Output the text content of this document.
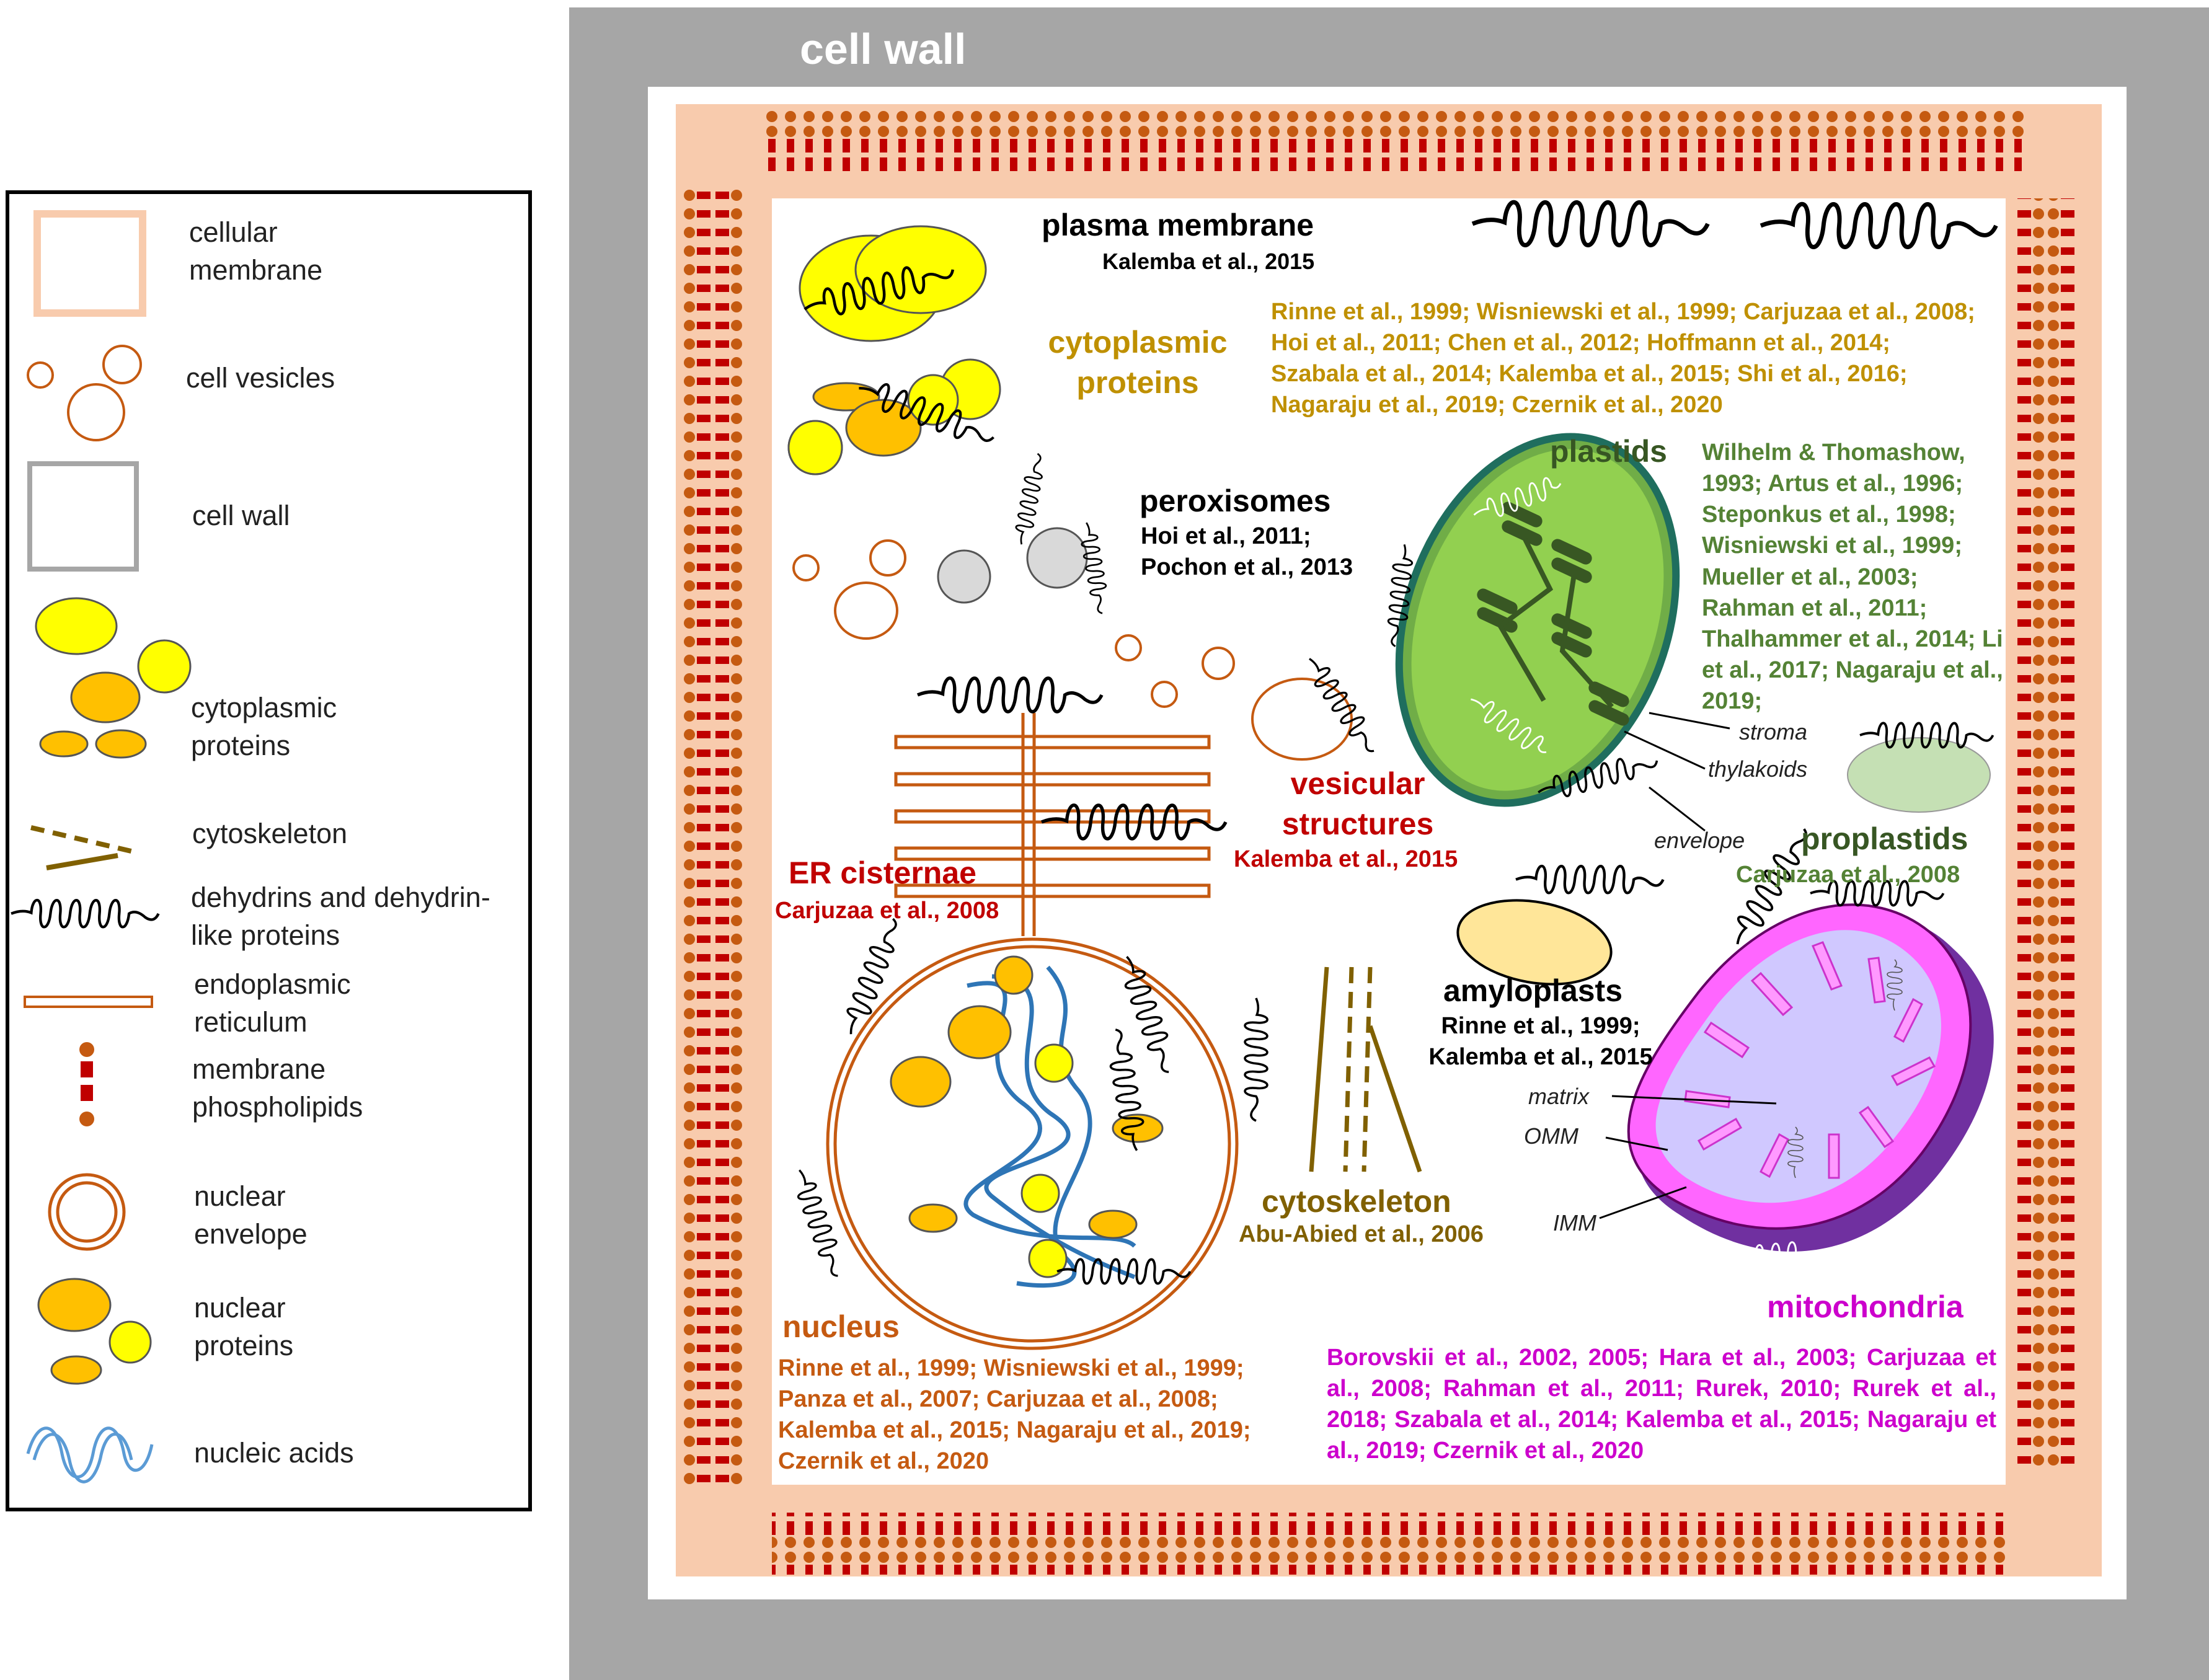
cell wall
cellular membrane
cell vesicles
cell wall
cytoplasmic proteins
cytoskeleton
dehydrins and dehydrin-like proteins
endoplasmic reticulum
membrane phospholipids
nuclear envelope
nuclear proteins
nucleic acids
plasma membrane
Kalemba et al., 2015
cytoplasmic proteins
Rinne et al., 1999; Wisniewski et al., 1999; Carjuzaa et al., 2008; Hoi et al., 2011; Chen et al., 2012; Hoffmann et al., 2014; Szabala et al., 2014; Kalemba et al., 2015; Shi et al., 2016; Nagaraju et al., 2019; Czernik et al., 2020
peroxisomes
Hoi et al., 2011; Pochon et al., 2013
plastids Wilhelm & Thomashow, 1993; Artus et al., 1996; Steponkus et al., 1998; Wisniewski et al., 1999; Mueller et al., 2003; Rahman et al., 2011; Thalhammer et al., 2014; Li et al., 2017; Nagaraju et al., 2019;
stroma
thylakoids
envelope
vesicular structures
Kalemba et al., 2015
ER cisternae
Carjuzaa et al., 2008
proplastids
Carjuzaa et al., 2008
amyloplasts
Rinne et al., 1999; Kalemba et al., 2015
cytoskeleton
Abu-Abied et al., 2006
nucleus
Rinne et al., 1999; Wisniewski et al., 1999; Panza et al., 2007; Carjuzaa et al., 2008; Kalemba et al., 2015; Nagaraju et al., 2019; Czernik et al., 2020
mitochondria
Borovskii et al., 2002, 2005; Hara et al., 2003; Carjuzaa et al., 2008; Rahman et al., 2011; Rurek, 2010; Rurek et al., 2018; Szabala et al., 2014; Kalemba et al., 2015; Nagaraju et al., 2019; Czernik et al., 2020
matrix
OMM
IMM
